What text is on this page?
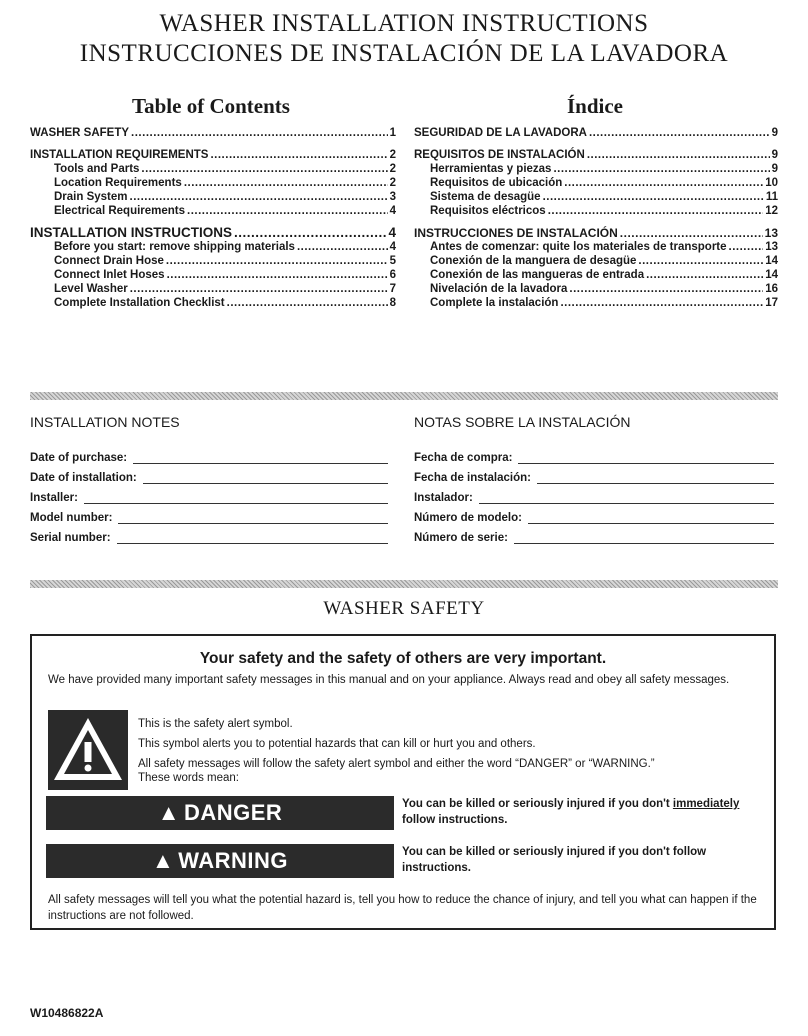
WASHER INSTALLATION INSTRUCTIONS
INSTRUCCIONES DE INSTALACIÓN DE LA LAVADORA
Table of Contents	Índice
WASHER SAFETY .....	1
INSTALLATION REQUIREMENTS .....	2
Tools and Parts .....	2
Location Requirements .....	2
Drain System .....	3
Electrical Requirements .....	4
INSTALLATION INSTRUCTIONS .....	4
Before you start: remove shipping materials .....	4
Connect Drain Hose .....	5
Connect Inlet Hoses .....	6
Level Washer .....	7
Complete Installation Checklist .....	8
SEGURIDAD DE LA LAVADORA .....	9
REQUISITOS DE INSTALACIÓN .....	9
Herramientas y piezas .....	9
Requisitos de ubicación .....	10
Sistema de desagüe .....	11
Requisitos eléctricos .....	12
INSTRUCCIONES DE INSTALACIÓN .....	13
Antes de comenzar: quite los materiales de transporte .....	13
Conexión de la manguera de desagüe .....	14
Conexión de las mangueras de entrada .....	14
Nivelación de la lavadora .....	16
Complete la instalación .....	17
INSTALLATION NOTES	NOTAS SOBRE LA INSTALACIÓN
Date of purchase:
Date of installation:
Installer:
Model number:
Serial number:
Fecha de compra:
Fecha de instalación:
Instalador:
Número de modelo:
Número de serie:
WASHER SAFETY
Your safety and the safety of others are very important.
We have provided many important safety messages in this manual and on your appliance. Always read and obey all safety messages.
This is the safety alert symbol.
This symbol alerts you to potential hazards that can kill or hurt you and others.
All safety messages will follow the safety alert symbol and either the word “DANGER” or “WARNING.”
These words mean:
▲ DANGER	You can be killed or seriously injured if you don't immediately
follow instructions.
▲ WARNING	You can be killed or seriously injured if you don't follow instructions.
All safety messages will tell you what the potential hazard is, tell you how to reduce the chance of injury, and tell you what can happen if the instructions are not followed.
W10486822A
